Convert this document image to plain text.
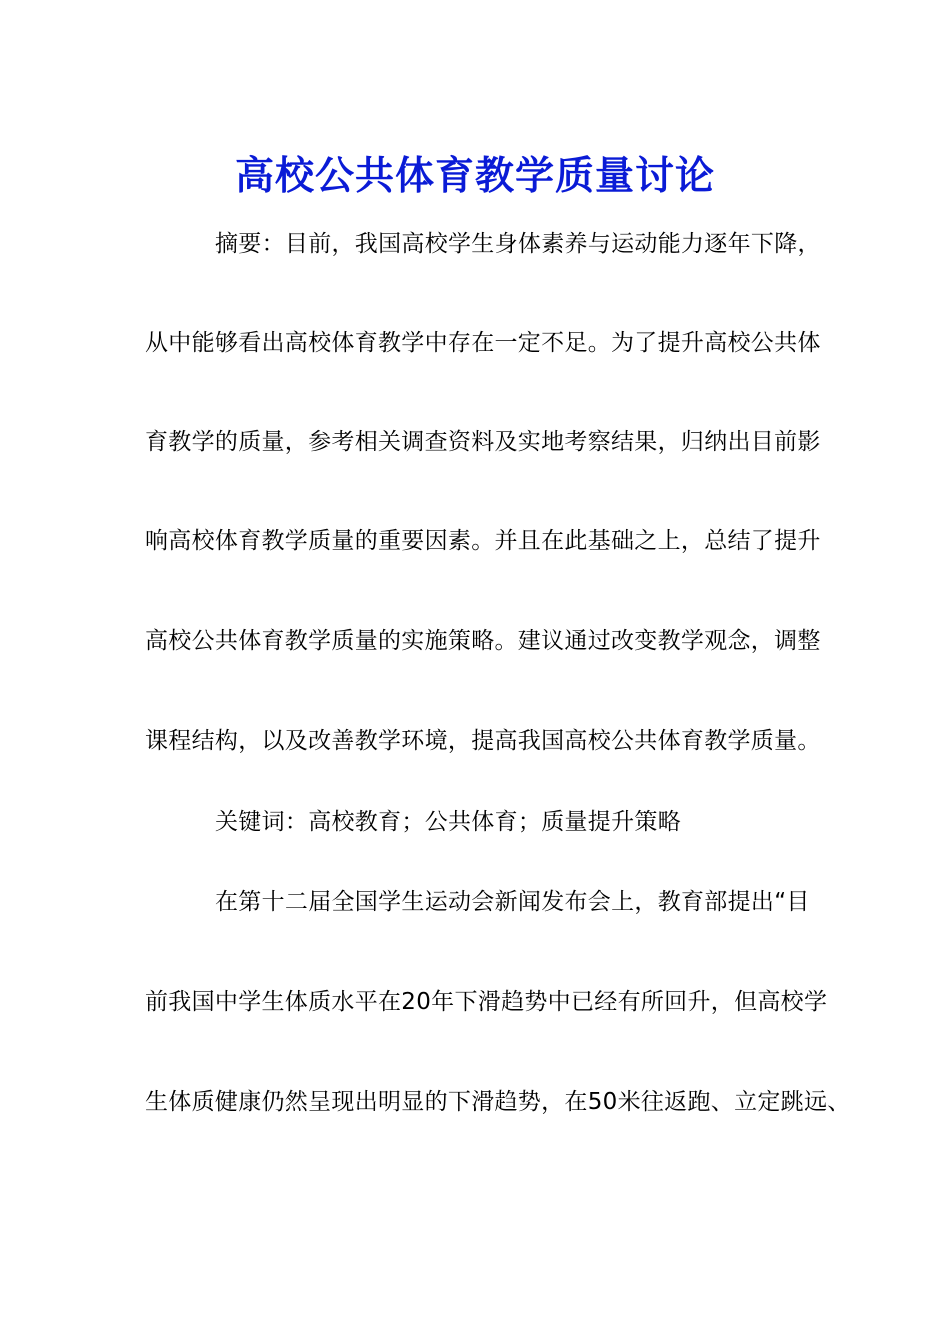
高校公共体育教学质量讨论
摘要：目前，我国高校学生身体素养与运动能力逐年下降，
从中能够看出高校体育教学中存在一定不足。为了提升高校公共体
育教学的质量，参考相关调查资料及实地考察结果，归纳出目前影
响高校体育教学质量的重要因素。并且在此基础之上，总结了提升
高校公共体育教学质量的实施策略。建议通过改变教学观念，调整
课程结构，以及改善教学环境，提高我国高校公共体育教学质量。
关键词：高校教育；公共体育；质量提升策略
在第十二届全国学生运动会新闻发布会上，教育部提出“目
前我国中学生体质水平在20年下滑趋势中已经有所回升，但高校学
生体质健康仍然呈现出明显的下滑趋势，在50米往返跑、立定跳远、
